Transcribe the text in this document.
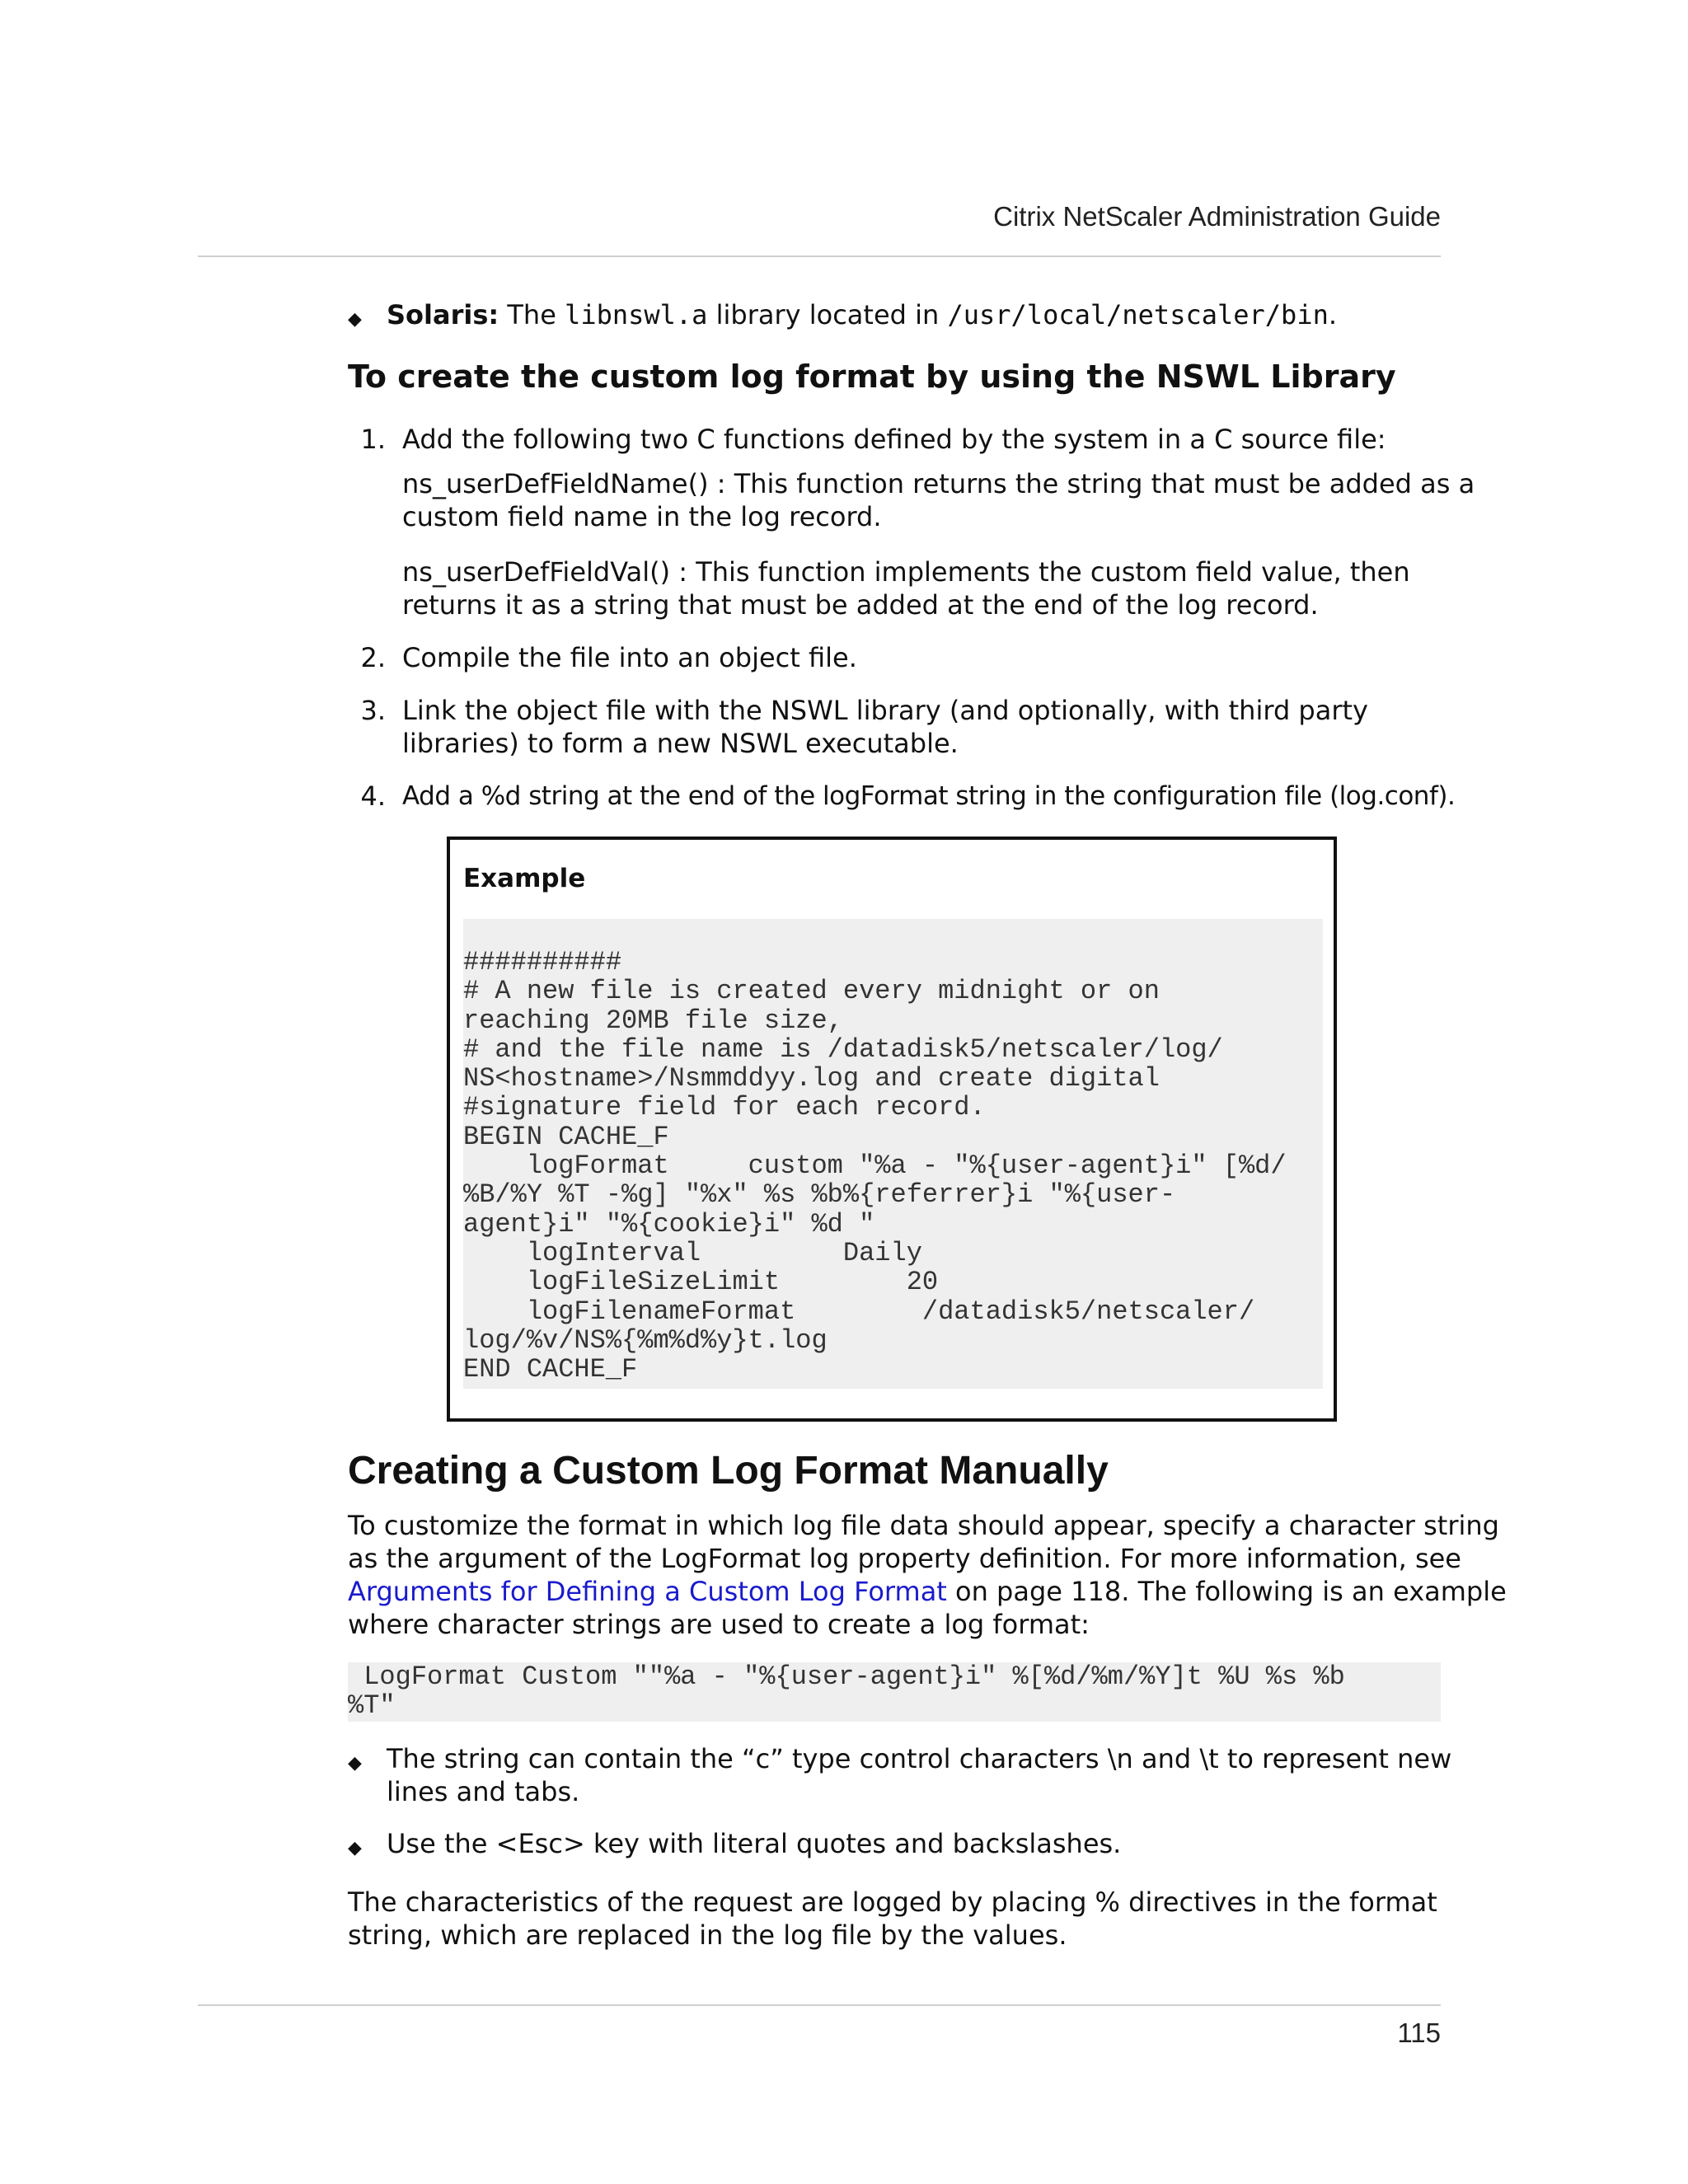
Citrix NetScaler Administration Guide
◆ Solaris: The libnswl.a library located in /usr/local/netscaler/bin.
To create the custom log format by using the NSWL Library
1. Add the following two C functions defined by the system in a C source file:
ns_userDefFieldName() : This function returns the string that must be added as a
custom field name in the log record.
ns_userDefFieldVal() : This function implements the custom field value, then
returns it as a string that must be added at the end of the log record.
2. Compile the file into an object file.
3. Link the object file with the NSWL library (and optionally, with third party
libraries) to form a new NSWL executable.
4. Add a %d string at the end of the logFormat string in the configuration file (log.conf).
Example
##########
# A new file is created every midnight or on
reaching 20MB file size,
# and the file name is /datadisk5/netscaler/log/
NS<hostname>/Nsmmddyy.log and create digital
#signature field for each record.
BEGIN CACHE_F
logFormat     custom "%a - "%{user-agent}i" [%d/
%B/%Y %T -%g] "%x" %s %b%{referrer}i "%{user-
agent}i" "%{cookie}i" %d "
logInterval         Daily
logFileSizeLimit        20
logFilenameFormat        /datadisk5/netscaler/
log/%v/NS%{%m%d%y}t.log
END CACHE_F
Creating a Custom Log Format Manually
To customize the format in which log file data should appear, specify a character string
as the argument of the LogFormat log property definition. For more information, see
Arguments for Defining a Custom Log Format on page 118. The following is an example
where character strings are used to create a log format:
LogFormat Custom ""%a - "%{user-agent}i" %[%d/%m/%Y]t %U %s %b
%T"
◆ The string can contain the “c” type control characters \n and \t to represent new
lines and tabs.
◆ Use the <Esc> key with literal quotes and backslashes.
The characteristics of the request are logged by placing % directives in the format
string, which are replaced in the log file by the values.
115
